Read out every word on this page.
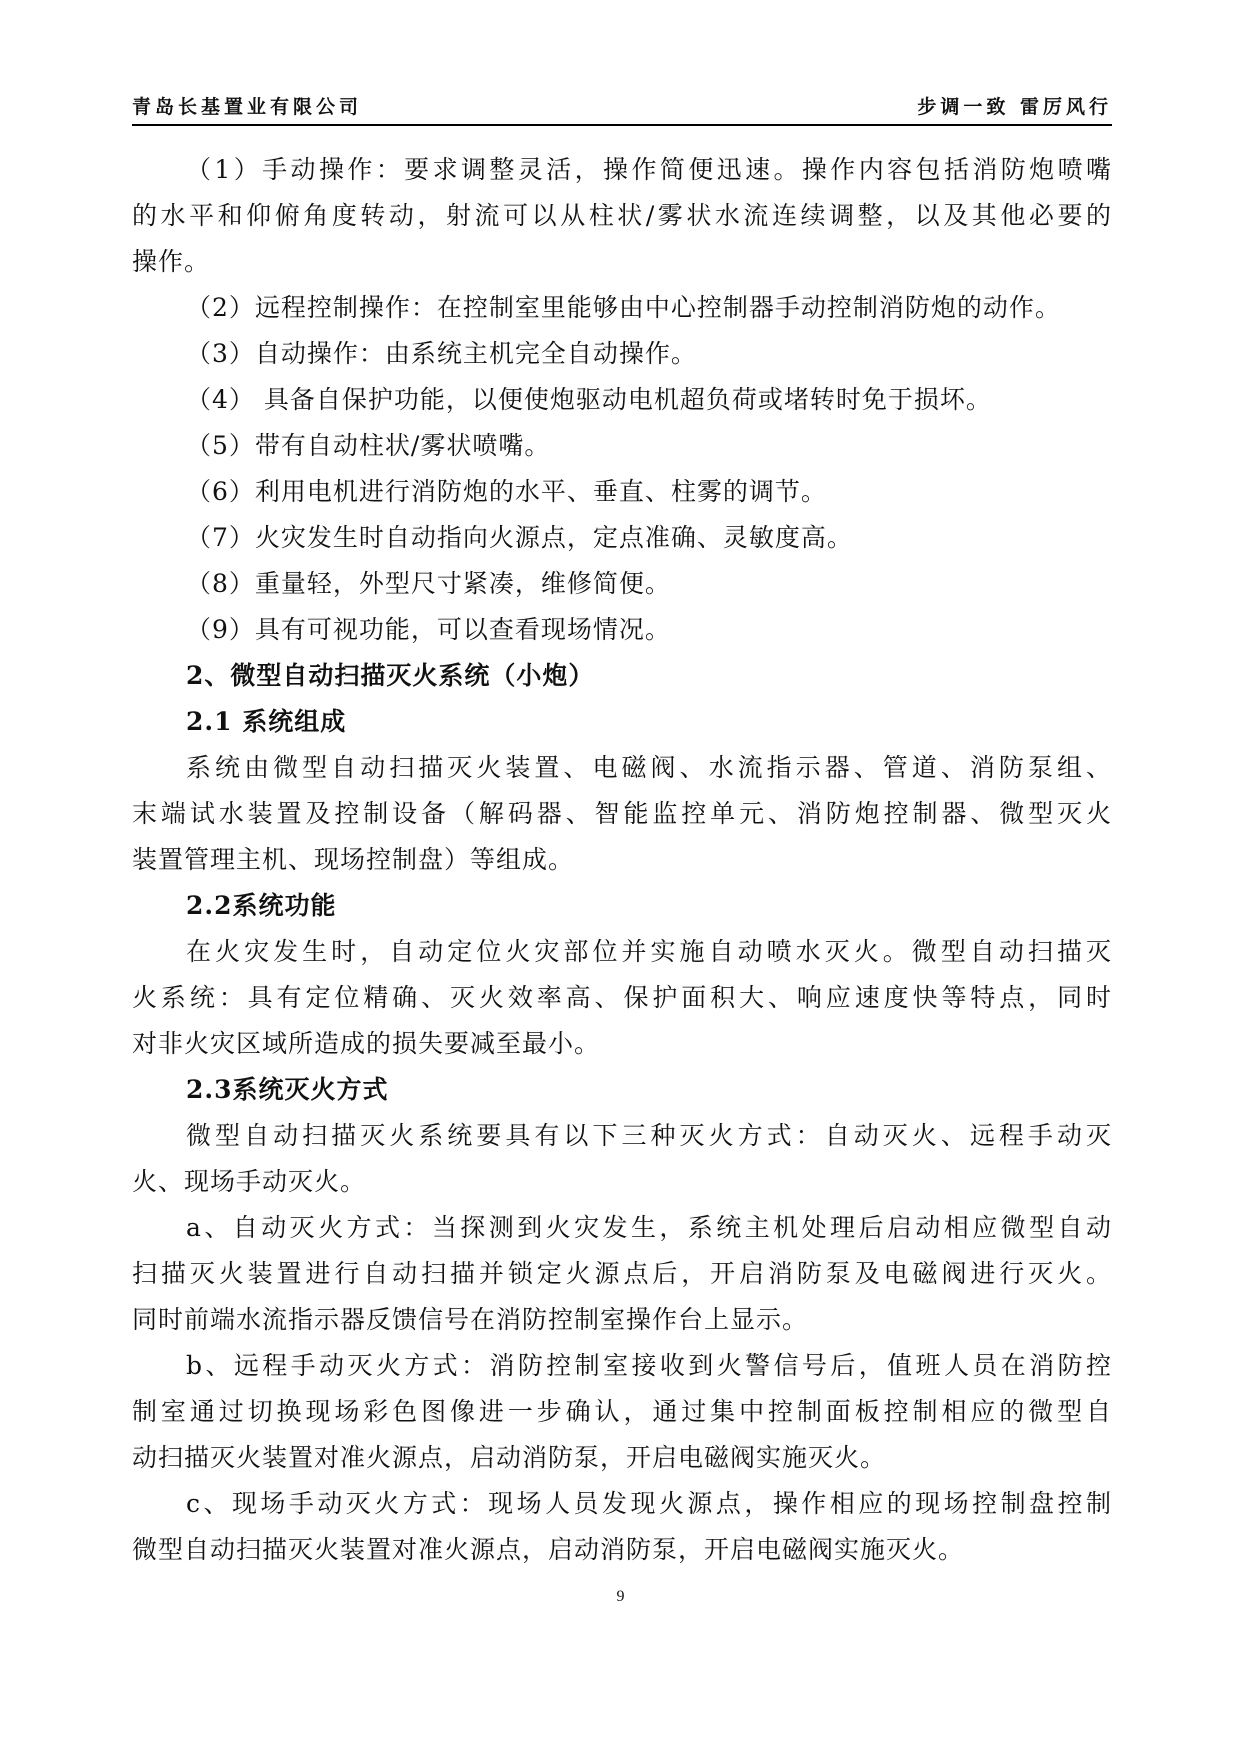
青岛长基置业有限公司	步调一致 雷厉风行
（1）手动操作：要求调整灵活，操作简便迅速。操作内容包括消防炮喷嘴
的水平和仰俯角度转动，射流可以从柱状/雾状水流连续调整，以及其他必要的
操作。
（2）远程控制操作：在控制室里能够由中心控制器手动控制消防炮的动作。
（3）自动操作：由系统主机完全自动操作。
（4） 具备自保护功能，以便使炮驱动电机超负荷或堵转时免于损坏。
（5）带有自动柱状/雾状喷嘴。
（6）利用电机进行消防炮的水平、垂直、柱雾的调节。
（7）火灾发生时自动指向火源点，定点准确、灵敏度高。
（8）重量轻，外型尺寸紧凑，维修简便。
（9）具有可视功能，可以查看现场情况。
2、微型自动扫描灭火系统（小炮）
2.1 系统组成
系统由微型自动扫描灭火装置、电磁阀、水流指示器、管道、消防泵组、
末端试水装置及控制设备（解码器、智能监控单元、消防炮控制器、微型灭火
装置管理主机、现场控制盘）等组成。
2.2系统功能
在火灾发生时，自动定位火灾部位并实施自动喷水灭火。微型自动扫描灭
火系统：具有定位精确、灭火效率高、保护面积大、响应速度快等特点，同时
对非火灾区域所造成的损失要减至最小。
2.3系统灭火方式
微型自动扫描灭火系统要具有以下三种灭火方式：自动灭火、远程手动灭
火、现场手动灭火。
a、自动灭火方式：当探测到火灾发生，系统主机处理后启动相应微型自动
扫描灭火装置进行自动扫描并锁定火源点后，开启消防泵及电磁阀进行灭火。
同时前端水流指示器反馈信号在消防控制室操作台上显示。
b、远程手动灭火方式：消防控制室接收到火警信号后，值班人员在消防控
制室通过切换现场彩色图像进一步确认，通过集中控制面板控制相应的微型自
动扫描灭火装置对准火源点，启动消防泵，开启电磁阀实施灭火。
c、现场手动灭火方式：现场人员发现火源点，操作相应的现场控制盘控制
微型自动扫描灭火装置对准火源点，启动消防泵，开启电磁阀实施灭火。
9
